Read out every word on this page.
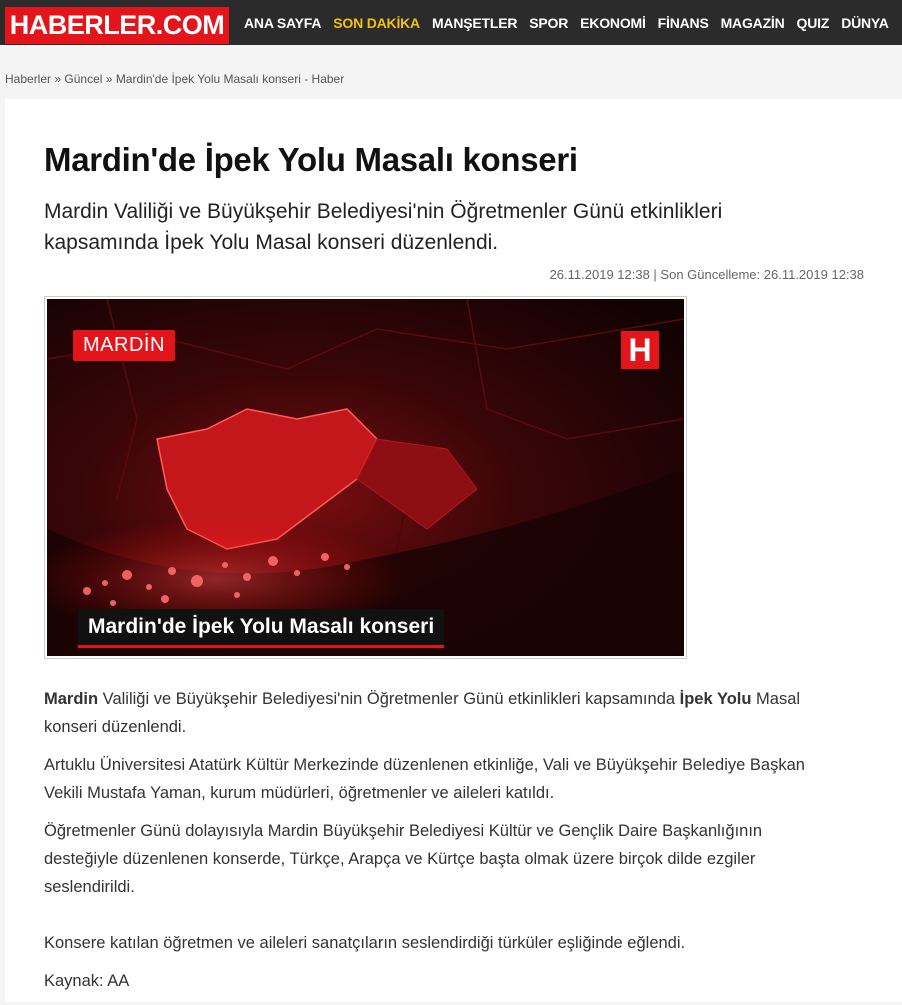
HABERLER.COM	ANA SAYFA SON DAKİKA MANŞETLER SPOR EKONOMİ FİNANS MAGAZİN QUIZ DÜNYA
Haberler » Güncel » Mardin'de İpek Yolu Masalı konseri - Haber
Mardin'de İpek Yolu Masalı konseri

Mardin Valiliği ve Büyükşehir Belediyesi'nin Öğretmenler Günü etkinlikleri kapsamında İpek Yolu Masal konseri düzenlendi.

26.11.2019 12:38 | Son Güncelleme: 26.11.2019 12:38
MARDİN	H
Mardin'de İpek Yolu Masalı konseri

Mardin Valiliği ve Büyükşehir Belediyesi'nin Öğretmenler Günü etkinlikleri kapsamında İpek Yolu Masal konseri düzenlendi.

Artuklu Üniversitesi Atatürk Kültür Merkezinde düzenlenen etkinliğe, Vali ve Büyükşehir Belediye Başkan Vekili Mustafa Yaman, kurum müdürleri, öğretmenler ve aileleri katıldı.

Öğretmenler Günü dolayısıyla Mardin Büyükşehir Belediyesi Kültür ve Gençlik Daire Başkanlığının desteğiyle düzenlenen konserde, Türkçe, Arapça ve Kürtçe başta olmak üzere birçok dilde ezgiler seslendirildi.

Konsere katılan öğretmen ve aileleri sanatçıların seslendirdiği türküler eşliğinde eğlendi.

Kaynak: AA
